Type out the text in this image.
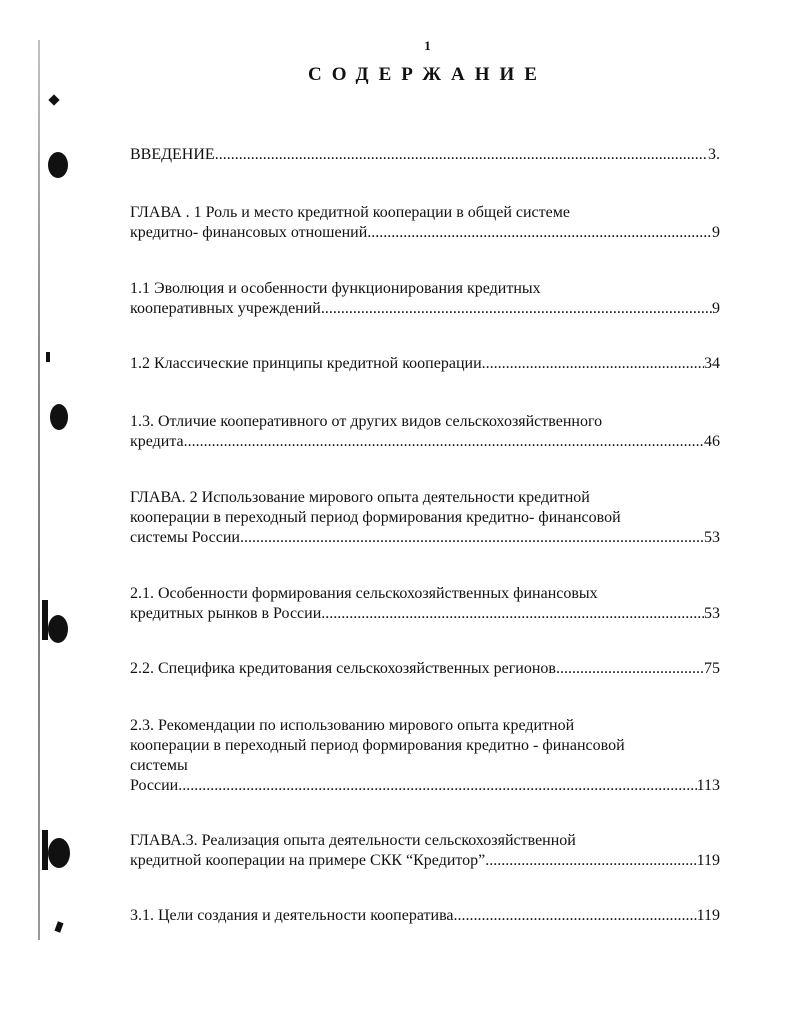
1
СОДЕРЖАНИЕ
ВВЕДЕНИЕ .....	3.
ГЛАВА . 1 Роль и место кредитной кооперации в общей системе
кредитно- финансовых отношений .....	9
1.1 Эволюция и особенности функционирования кредитных
кооперативных учреждений .....	9
1.2 Классические принципы кредитной кооперации .....	34
1.3. Отличие кооперативного от других видов сельскохозяйственного
кредита .....	46
ГЛАВА. 2 Использование мирового опыта деятельности кредитной
кооперации в переходный период формирования кредитно- финансовой
системы России .....	53
2.1. Особенности формирования сельскохозяйственных финансовых
кредитных рынков в России .....	53
2.2. Специфика кредитования сельскохозяйственных регионов .....	75
2.3. Рекомендации по использованию мирового опыта кредитной
кооперации в переходный период формирования кредитно - финансовой
системы
России .....	113
ГЛАВА.3. Реализация опыта деятельности сельскохозяйственной
кредитной кооперации на примере СКК “Кредитор” .....	119
3.1. Цели создания и деятельности кооператива .....	119
